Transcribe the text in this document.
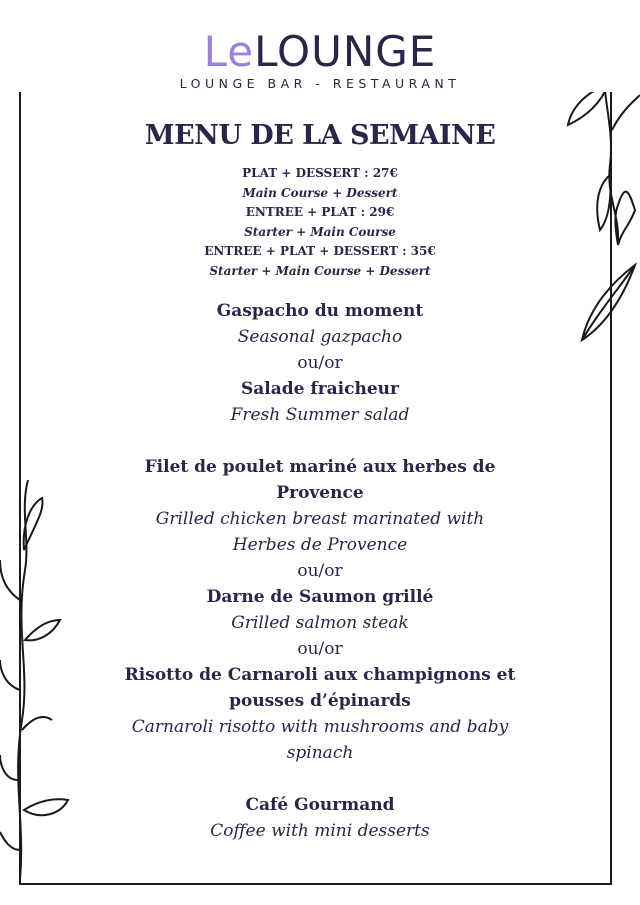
LeLOUNGE
LOUNGE BAR - RESTAURANT
MENU DE LA SEMAINE
PLAT + DESSERT : 27€
Main Course + Dessert
ENTREE + PLAT : 29€
Starter + Main Course
ENTREE + PLAT + DESSERT : 35€
Starter + Main Course + Dessert
Gaspacho du moment
Seasonal gazpacho
ou/or
Salade fraicheur
Fresh Summer salad
Filet de poulet mariné aux herbes de Provence
Grilled chicken breast marinated with Herbes de Provence
ou/or
Darne de Saumon grillé
Grilled salmon steak
ou/or
Risotto de Carnaroli aux champignons et pousses d’épinards
Carnaroli risotto with mushrooms and baby spinach
Café Gourmand
Coffee with mini desserts
